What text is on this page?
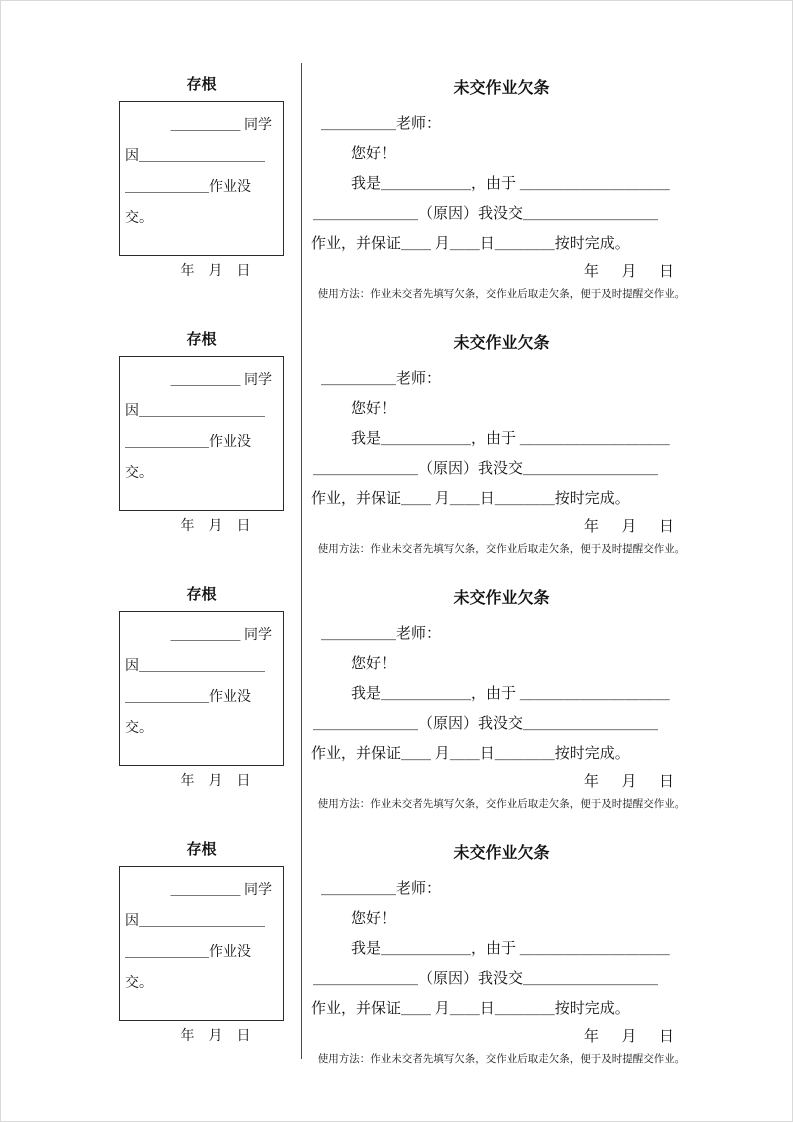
存根
＿＿＿＿＿ 同学
因＿＿＿＿＿＿＿＿＿
＿＿＿＿＿＿作业没交。
年    月    日
未交作业欠条
＿＿＿＿＿老师：
您好！
我是＿＿＿＿＿＿，由于 ＿＿＿＿＿＿＿＿＿＿
＿＿＿＿＿＿＿（原因）我没交＿＿＿＿＿＿＿＿＿
作业，并保证＿＿ 月＿＿日＿＿＿＿按时完成。
年      月      日
使用方法：作业未交者先填写欠条，交作业后取走欠条，便于及时提醒交作业。
存根
＿＿＿＿＿ 同学
因＿＿＿＿＿＿＿＿＿
＿＿＿＿＿＿作业没交。
年    月    日
未交作业欠条
＿＿＿＿＿老师：
您好！
我是＿＿＿＿＿＿，由于 ＿＿＿＿＿＿＿＿＿＿
＿＿＿＿＿＿＿（原因）我没交＿＿＿＿＿＿＿＿＿
作业，并保证＿＿ 月＿＿日＿＿＿＿按时完成。
年      月      日
使用方法：作业未交者先填写欠条，交作业后取走欠条，便于及时提醒交作业。
存根
＿＿＿＿＿ 同学
因＿＿＿＿＿＿＿＿＿
＿＿＿＿＿＿作业没交。
年    月    日
未交作业欠条
＿＿＿＿＿老师：
您好！
我是＿＿＿＿＿＿，由于 ＿＿＿＿＿＿＿＿＿＿
＿＿＿＿＿＿＿（原因）我没交＿＿＿＿＿＿＿＿＿
作业，并保证＿＿ 月＿＿日＿＿＿＿按时完成。
年      月      日
使用方法：作业未交者先填写欠条，交作业后取走欠条，便于及时提醒交作业。
存根
＿＿＿＿＿ 同学
因＿＿＿＿＿＿＿＿＿
＿＿＿＿＿＿作业没交。
年    月    日
未交作业欠条
＿＿＿＿＿老师：
您好！
我是＿＿＿＿＿＿，由于 ＿＿＿＿＿＿＿＿＿＿
＿＿＿＿＿＿＿（原因）我没交＿＿＿＿＿＿＿＿＿
作业，并保证＿＿ 月＿＿日＿＿＿＿按时完成。
年      月      日
使用方法：作业未交者先填写欠条，交作业后取走欠条，便于及时提醒交作业。
